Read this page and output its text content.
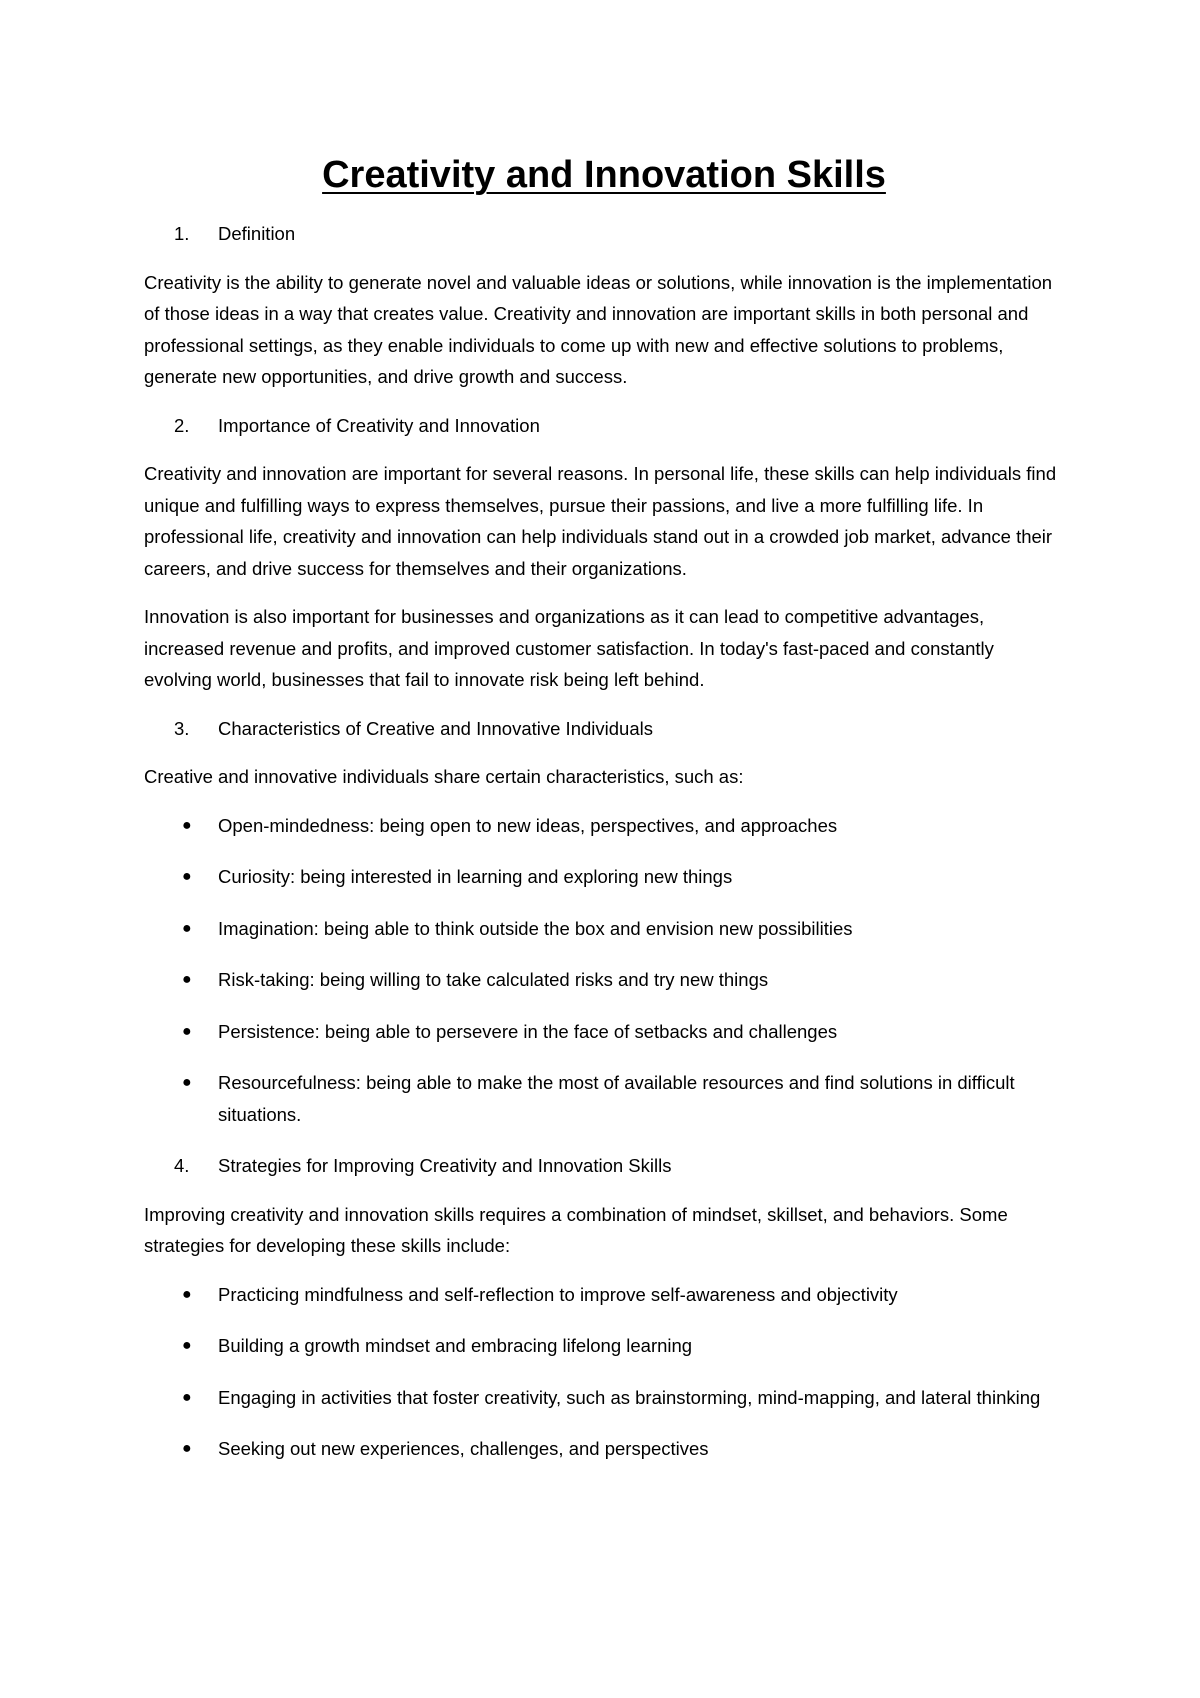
Creativity and Innovation Skills
1.	Definition

Creativity is the ability to generate novel and valuable ideas or solutions, while innovation is the implementation of those ideas in a way that creates value. Creativity and innovation are important skills in both personal and professional settings, as they enable individuals to come up with new and effective solutions to problems, generate new opportunities, and drive growth and success.

2.	Importance of Creativity and Innovation

Creativity and innovation are important for several reasons. In personal life, these skills can help individuals find unique and fulfilling ways to express themselves, pursue their passions, and live a more fulfilling life. In professional life, creativity and innovation can help individuals stand out in a crowded job market, advance their careers, and drive success for themselves and their organizations.

Innovation is also important for businesses and organizations as it can lead to competitive advantages, increased revenue and profits, and improved customer satisfaction. In today's fast-paced and constantly evolving world, businesses that fail to innovate risk being left behind.

3.	Characteristics of Creative and Innovative Individuals

Creative and innovative individuals share certain characteristics, such as:

●	Open-mindedness: being open to new ideas, perspectives, and approaches
●	Curiosity: being interested in learning and exploring new things
●	Imagination: being able to think outside the box and envision new possibilities
●	Risk-taking: being willing to take calculated risks and try new things
●	Persistence: being able to persevere in the face of setbacks and challenges
●	Resourcefulness: being able to make the most of available resources and find solutions in difficult situations.
4.	Strategies for Improving Creativity and Innovation Skills

Improving creativity and innovation skills requires a combination of mindset, skillset, and behaviors. Some strategies for developing these skills include:

●	Practicing mindfulness and self-reflection to improve self-awareness and objectivity
●	Building a growth mindset and embracing lifelong learning
●	Engaging in activities that foster creativity, such as brainstorming, mind-mapping, and lateral thinking
●	Seeking out new experiences, challenges, and perspectives
